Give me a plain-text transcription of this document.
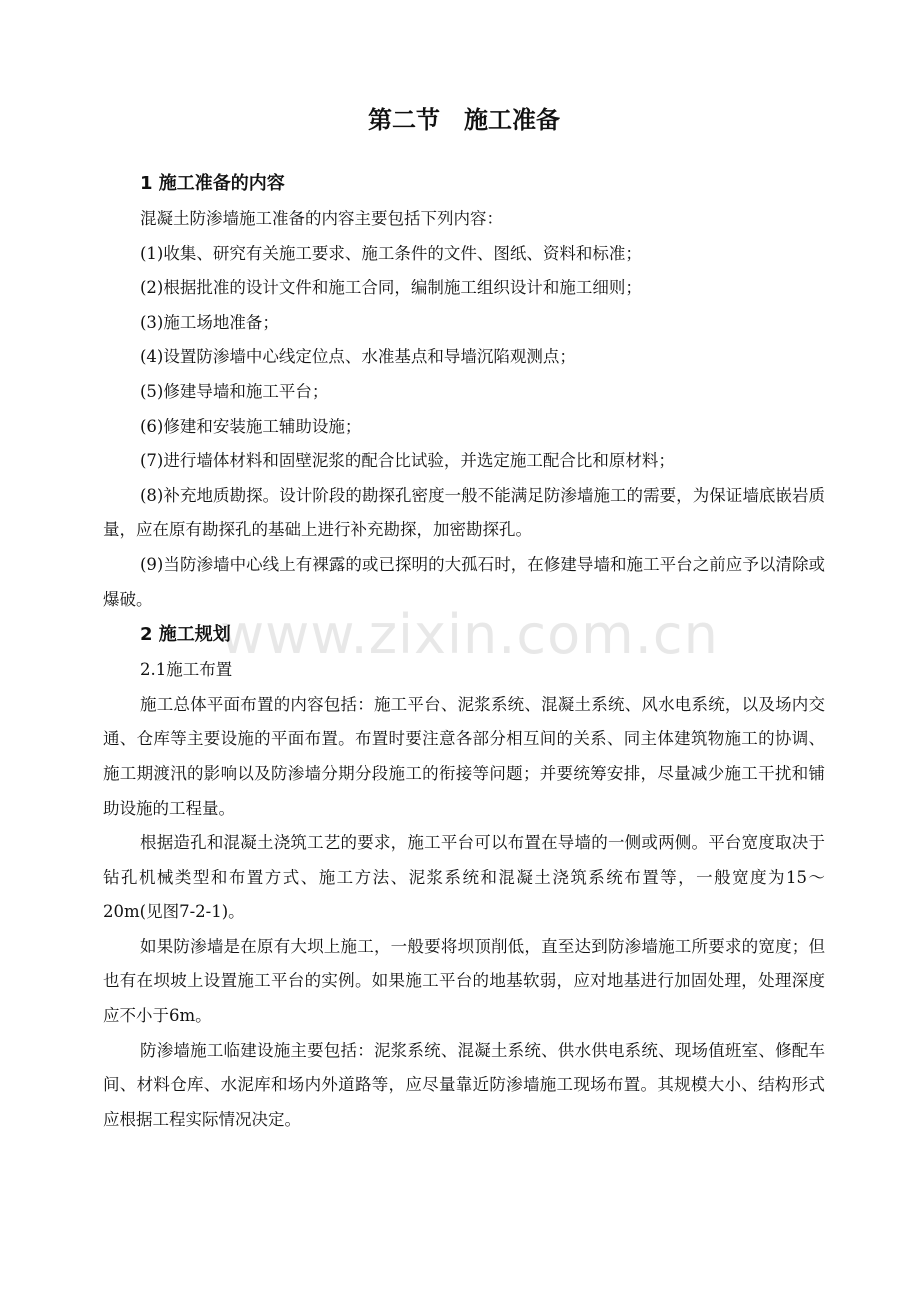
www.zixin.com.cn
第二节　施工准备
1 施工准备的内容

混凝土防渗墙施工准备的内容主要包括下列内容：

(1)收集、研究有关施工要求、施工条件的文件、图纸、资料和标准；

(2)根据批准的设计文件和施工合同，编制施工组织设计和施工细则；

(3)施工场地准备；

(4)设置防渗墙中心线定位点、水准基点和导墙沉陷观测点；

(5)修建导墙和施工平台；

(6)修建和安装施工辅助设施；

(7)进行墙体材料和固壁泥浆的配合比试验，并选定施工配合比和原材料；

(8)补充地质勘探。设计阶段的勘探孔密度一般不能满足防渗墙施工的需要，为保证墙底嵌岩质量，应在原有勘探孔的基础上进行补充勘探，加密勘探孔。

(9)当防渗墙中心线上有裸露的或已探明的大孤石时，在修建导墙和施工平台之前应予以清除或爆破。

2 施工规划

2.1施工布置

施工总体平面布置的内容包括：施工平台、泥浆系统、混凝土系统、风水电系统，以及场内交通、仓库等主要设施的平面布置。布置时要注意各部分相互间的关系、同主体建筑物施工的协调、施工期渡汛的影响以及防渗墙分期分段施工的衔接等问题；并要统筹安排，尽量减少施工干扰和铺助设施的工程量。

根据造孔和混凝土浇筑工艺的要求，施工平台可以布置在导墙的一侧或两侧。平台宽度取决于钻孔机械类型和布置方式、施工方法、泥浆系统和混凝土浇筑系统布置等，一般宽度为15～20m(见图7-2-1)。

如果防渗墙是在原有大坝上施工，一般要将坝顶削低，直至达到防渗墙施工所要求的宽度；但也有在坝坡上设置施工平台的实例。如果施工平台的地基软弱，应对地基进行加固处理，处理深度应不小于6m。

防渗墙施工临建设施主要包括：泥浆系统、混凝土系统、供水供电系统、现场值班室、修配车间、材料仓库、水泥库和场内外道路等，应尽量靠近防渗墙施工现场布置。其规模大小、结构形式应根据工程实际情况决定。
